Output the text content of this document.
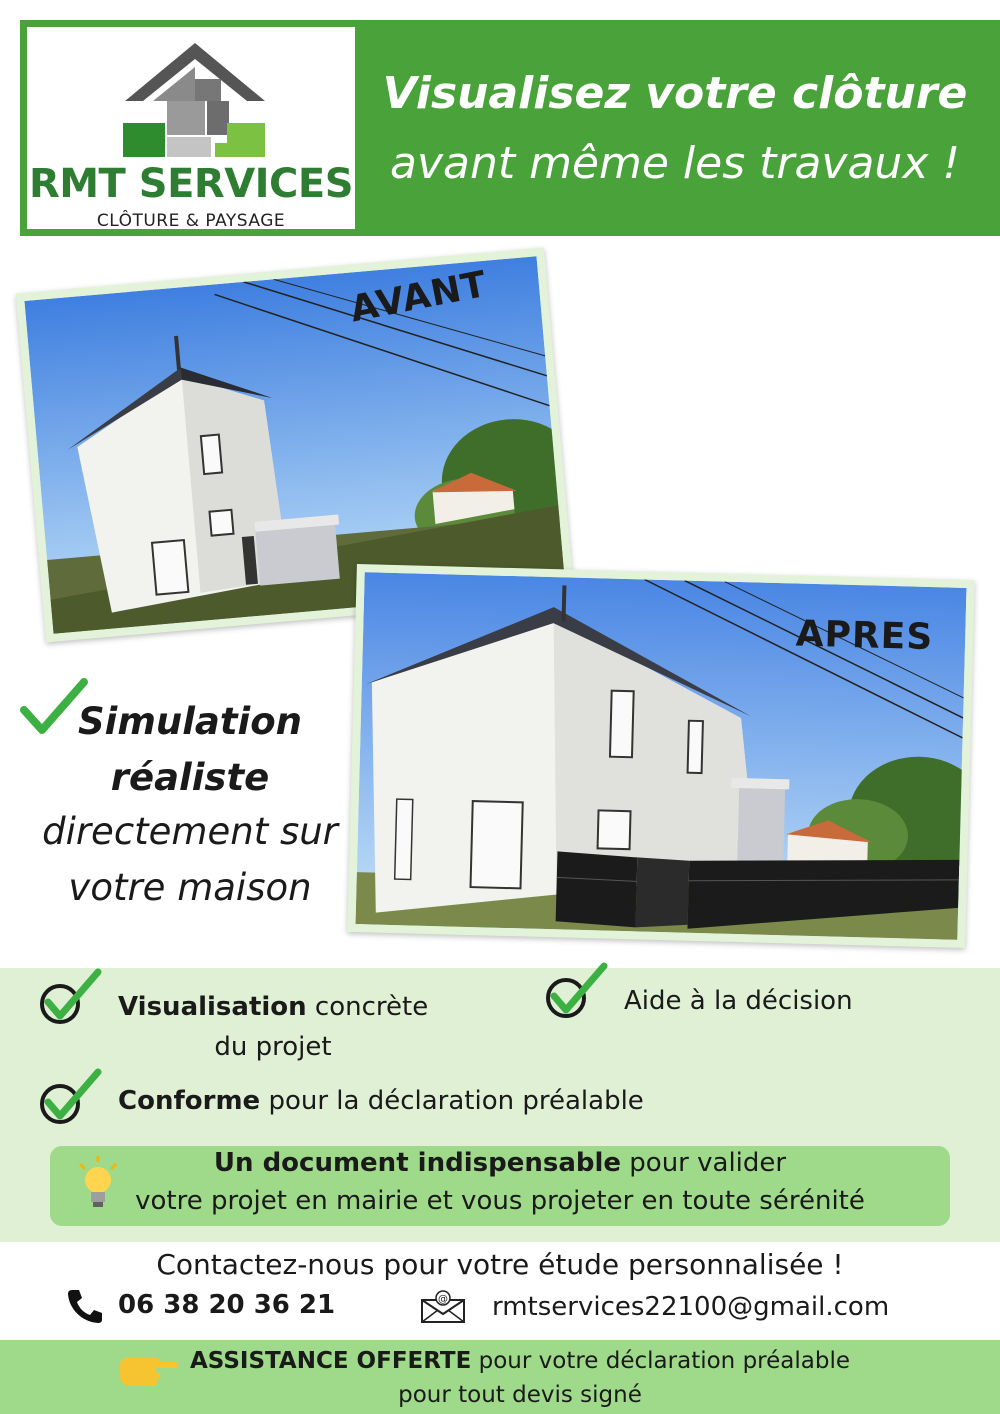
RMT SERVICES
CLÔTURE & PAYSAGE
Visualisez votre clôture
avant même les travaux !
AVANT
APRES
Simulation
réaliste
directement sur
votre maison
Visualisation concrète
du projet
Aide à la décision
Conforme pour la déclaration préalable
Un document indispensable pour valider
votre projet en mairie et vous projeter en toute sérénité
Contactez-nous pour votre étude personnalisée !
06 38 20 36 21	@ rmtservices22100@gmail.com
ASSISTANCE OFFERTE pour votre déclaration préalable
pour tout devis signé
